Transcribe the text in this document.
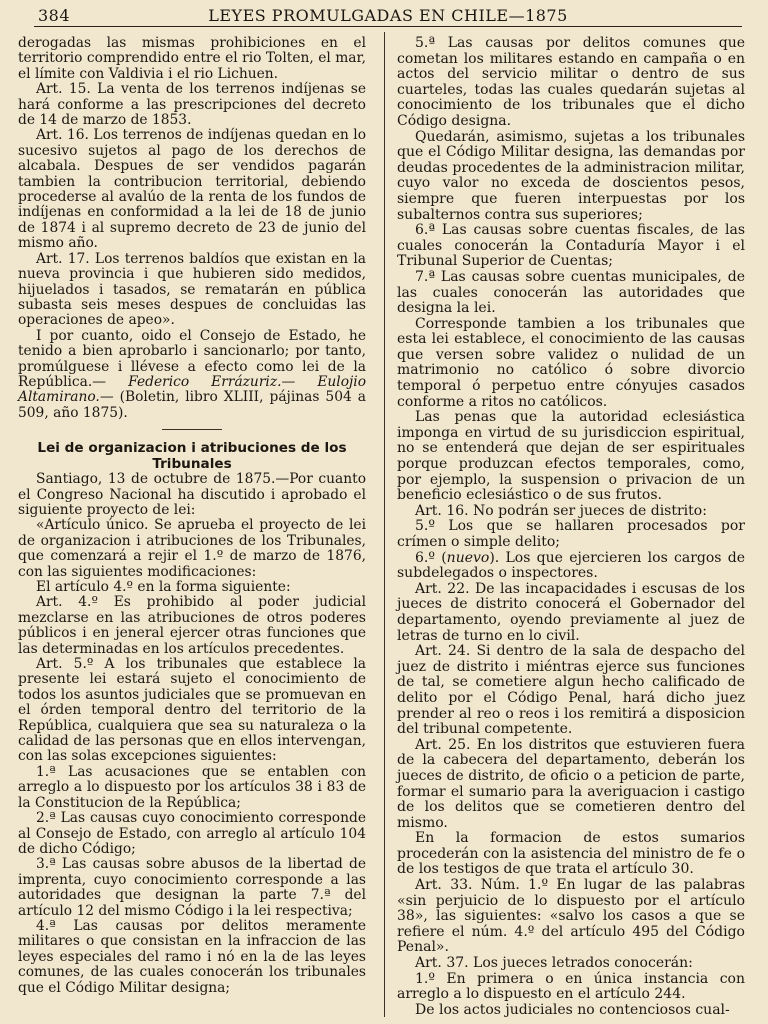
384	LEYES PROMULGADAS EN CHILE—1875

derogadas las mismas prohibiciones en el territorio comprendido entre el rio Tolten, el mar, el límite con Valdivia i el rio Lichuen.

Art. 15. La venta de los terrenos indíjenas se hará conforme a las prescripciones del decreto de 14 de marzo de 1853.

Art. 16. Los terrenos de indíjenas quedan en lo sucesivo sujetos al pago de los derechos de alcabala. Despues de ser vendidos pagarán tambien la contribucion territorial, debiendo procederse al avalúo de la renta de los fundos de indíjenas en conformidad a la lei de 18 de junio de 1874 i al supremo decreto de 23 de junio del mismo año.

Art. 17. Los terrenos baldíos que existan en la nueva provincia i que hubieren sido medidos, hijuelados i tasados, se rematarán en pública subasta seis meses despues de concluidas las operaciones de apeo».

I por cuanto, oido el Consejo de Estado, he tenido a bien aprobarlo i sancionarlo; por tanto, promúlguese i llévese a efecto como lei de la República.— Federico Errázuriz.— Eulojio Altamirano.— (Boletin, libro XLIII, pájinas 504 a 509, año 1875).

Lei de organizacion i atribuciones de los Tribunales

Santiago, 13 de octubre de 1875.—Por cuanto el Congreso Nacional ha discutido i aprobado el siguiente proyecto de lei:

«Artículo único. Se aprueba el proyecto de lei de organizacion i atribuciones de los Tribunales, que comenzará a rejir el 1.º de marzo de 1876, con las siguientes modificaciones:

El artículo 4.º en la forma siguiente:

Art. 4.º Es prohibido al poder judicial mezclarse en las atribuciones de otros poderes públicos i en jeneral ejercer otras funciones que las determinadas en los artículos precedentes.

Art. 5.º A los tribunales que establece la presente lei estará sujeto el conocimiento de todos los asuntos judiciales que se promuevan en el órden temporal dentro del territorio de la República, cualquiera que sea su naturaleza o la calidad de las personas que en ellos intervengan, con las solas excepciones siguientes:

1.ª Las acusaciones que se entablen con arreglo a lo dispuesto por los artículos 38 i 83 de la Constitucion de la República;

2.ª Las causas cuyo conocimiento corresponde al Consejo de Estado, con arreglo al artículo 104 de dicho Código;

3.ª Las causas sobre abusos de la libertad de imprenta, cuyo conocimiento corresponde a las autoridades que designan la parte 7.ª del artículo 12 del mismo Código i la lei respectiva;

4.ª Las causas por delitos meramente militares o que consistan en la infraccion de las leyes especiales del ramo i nó en la de las leyes comunes, de las cuales conocerán los tribunales que el Código Militar designa;

5.ª Las causas por delitos comunes que cometan los militares estando en campaña o en actos del servicio militar o dentro de sus cuarteles, todas las cuales quedarán sujetas al conocimiento de los tribunales que el dicho Código designa.

Quedarán, asimismo, sujetas a los tribunales que el Código Militar designa, las demandas por deudas procedentes de la administracion militar, cuyo valor no exceda de doscientos pesos, siempre que fueren interpuestas por los subalternos contra sus superiores;

6.ª Las causas sobre cuentas fiscales, de las cuales conocerán la Contaduría Mayor i el Tribunal Superior de Cuentas;

7.ª Las causas sobre cuentas municipales, de las cuales conocerán las autoridades que designa la lei.

Corresponde tambien a los tribunales que esta lei establece, el conocimiento de las causas que versen sobre validez o nulidad de un matrimonio no católico ó sobre divorcio temporal ó perpetuo entre cónyujes casados conforme a ritos no católicos.

Las penas que la autoridad eclesiástica imponga en virtud de su jurisdiccion espiritual, no se entenderá que dejan de ser espirituales porque produzcan efectos temporales, como, por ejemplo, la suspension o privacion de un beneficio eclesiástico o de sus frutos.

Art. 16. No podrán ser jueces de distrito:

5.º Los que se hallaren procesados por crímen o simple delito;

6.º (nuevo). Los que ejercieren los cargos de subdelegados o inspectores.

Art. 22. De las incapacidades i escusas de los jueces de distrito conocerá el Gobernador del departamento, oyendo previamente al juez de letras de turno en lo civil.

Art. 24. Si dentro de la sala de despacho del juez de distrito i miéntras ejerce sus funciones de tal, se cometiere algun hecho calificado de delito por el Código Penal, hará dicho juez prender al reo o reos i los remitirá a disposicion del tribunal competente.

Art. 25. En los distritos que estuvieren fuera de la cabecera del departamento, deberán los jueces de distrito, de oficio o a peticion de parte, formar el sumario para la averiguacion i castigo de los delitos que se cometieren dentro del mismo.

En la formacion de estos sumarios procederán con la asistencia del ministro de fe o de los testigos de que trata el artículo 30.

Art. 33. Núm. 1.º En lugar de las palabras «sin perjuicio de lo dispuesto por el artículo 38», las siguientes: «salvo los casos a que se refiere el núm. 4.º del artículo 495 del Código Penal».

Art. 37. Los jueces letrados conocerán:

1.º En primera o en única instancia con arreglo a lo dispuesto en el artículo 244.

De los actos judiciales no contenciosos cual-
